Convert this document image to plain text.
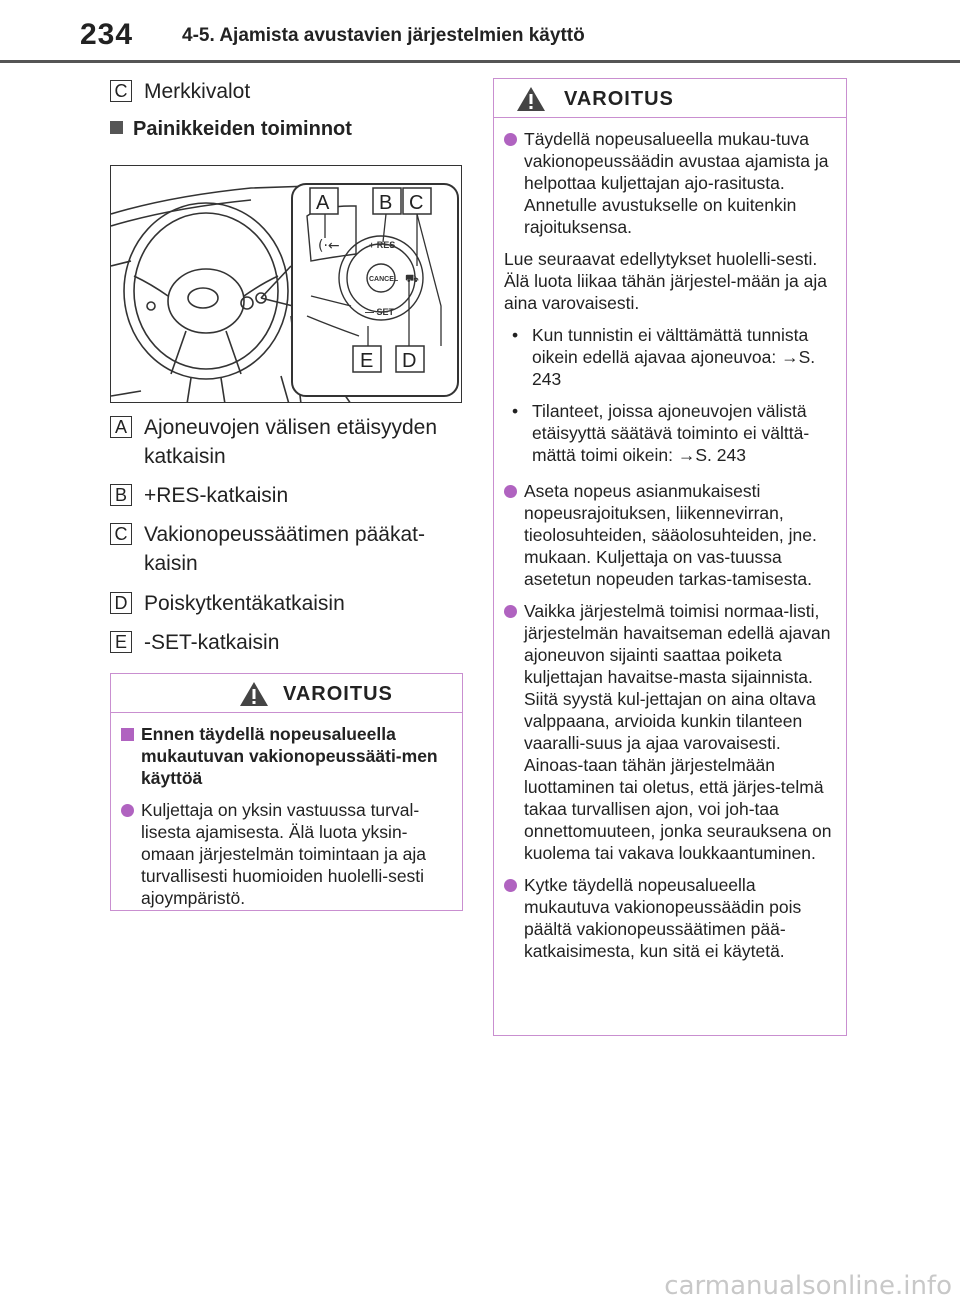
234	4-5. Ajamista avustavien järjestelmien käyttö
C Merkkivalot
Painikkeiden toiminnot
(·←	+ RES
CANCEL
— SET
⛟
A B C
E D
A Ajoneuvojen välisen etäisyyden
katkaisin
B +RES-katkaisin
C Vakionopeussäätimen pääkat-
kaisin
D Poiskytkentäkatkaisin
E -SET-katkaisin
VAROITUS
Ennen täydellä nopeusalueella mukautuvan vakionopeussääti-men käyttöä
Kuljettaja on yksin vastuussa turval-lisesta ajamisesta. Älä luota yksin-omaan järjestelmän toimintaan ja aja turvallisesti huomioiden huolelli-sesti ajoympäristö.
VAROITUS
Täydellä nopeusalueella mukau-tuva vakionopeussäädin avustaa ajamista ja helpottaa kuljettajan ajo-rasitusta. Annetulle avustukselle on kuitenkin rajoituksensa.
Lue seuraavat edellytykset huolelli-sesti. Älä luota liikaa tähän järjestel-mään ja aja aina varovaisesti.
• Kun tunnistin ei välttämättä tunnista oikein edellä ajavaa ajoneuvoa: →S. 243
• Tilanteet, joissa ajoneuvojen välistä etäisyyttä säätävä toiminto ei välttä-mättä toimi oikein: →S. 243
Aseta nopeus asianmukaisesti nopeusrajoituksen, liikennevirran, tieolosuhteiden, sääolosuhteiden, jne. mukaan. Kuljettaja on vas-tuussa asetetun nopeuden tarkas-tamisesta.
Vaikka järjestelmä toimisi normaa-listi, järjestelmän havaitseman edellä ajavan ajoneuvon sijainti saattaa poiketa kuljettajan havaitse-masta sijainnista. Siitä syystä kul-jettajan on aina oltava valppaana, arvioida kunkin tilanteen vaaralli-suus ja ajaa varovaisesti. Ainoas-taan tähän järjestelmään luottaminen tai oletus, että järjes-telmä takaa turvallisen ajon, voi joh-taa onnettomuuteen, jonka seurauksena on kuolema tai vakava loukkaantuminen.
Kytke täydellä nopeusalueella mukautuva vakionopeussäädin pois päältä vakionopeussäätimen pää-katkaisimesta, kun sitä ei käytetä.
carmanualsonline.info
